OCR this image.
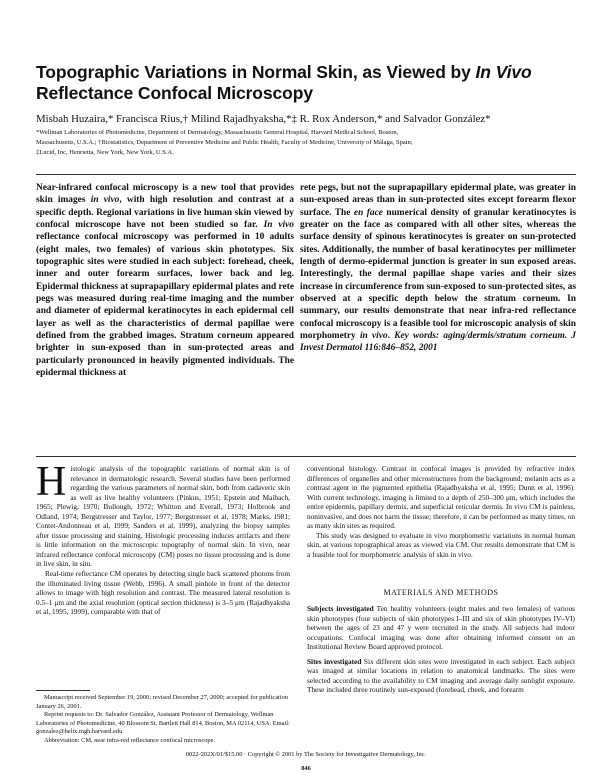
Topographic Variations in Normal Skin, as Viewed by In Vivo Reflectance Confocal Microscopy
Misbah Huzaira,* Francisca Rius,† Milind Rajadhyaksha,*‡ R. Rox Anderson,* and Salvador González*
*Wellman Laboratories of Photomedicine, Department of Dermatology, Massachusetts General Hospital, Harvard Medical School, Boston,
Massachusetts, U.S.A.; †Biostatistics, Department of Preventive Medicine and Public Health, Faculty of Medicine, University of Málaga, Spain;
‡Lucid, Inc, Henrietta, New York, New York, U.S.A.

Near-infrared confocal microscopy is a new tool that provides skin images in vivo, with high resolution and contrast at a specific depth. Regional variations in live human skin viewed by confocal microscope have not been studied so far. In vivo reflectance confocal microscopy was performed in 10 adults (eight males, two females) of various skin phototypes. Six topographic sites were studied in each subject: forehead, cheek, inner and outer forearm surfaces, lower back and leg. Epidermal thickness at suprapapillary epidermal plates and rete pegs was measured during real-time imaging and the number and diameter of epidermal keratinocytes in each epidermal cell layer as well as the characteristics of dermal papillae were defined from the grabbed images. Stratum corneum appeared brighter in sun-exposed than in sun-protected areas and particularly pronounced in heavily pigmented individuals. The epidermal thickness at

rete pegs, but not the suprapapillary epidermal plate, was greater in sun-exposed areas than in sun-protected sites except forearm flexor surface. The en face numerical density of granular keratinocytes is greater on the face as compared with all other sites, whereas the surface density of spinous keratinocytes is greater on sun-protected sites. Additionally, the number of basal keratinocytes per millimeter length of dermo-epidermal junction is greater in sun exposed areas. Interestingly, the dermal papillae shape varies and their sizes increase in circumference from sun-exposed to sun-protected sites, as observed at a specific depth below the stratum corneum. In summary, our results demonstrate that near infra-red reflectance confocal microscopy is a feasible tool for microscopic analysis of skin morphometry in vivo. Key words: aging/dermis/stratum corneum. J Invest Dermatol 116:846–852, 2001

Histologic analysis of the topographic variations of normal skin is of relevance in dermatologic research. Several studies have been performed regarding the various parameters of normal skin, both from cadaveric skin as well as live healthy volunteers (Pinkus, 1951; Epstein and Maibach, 1965; Plewig, 1970; Bullough, 1972; Whitton and Everall, 1973; Holbrook and Odland, 1974; Bergstresser and Taylor, 1977; Bergstresser et al, 1978; Marks, 1981; Contet-Andonneau et al, 1999; Sanders et al, 1999), analyzing the biopsy samples after tissue processing and staining. Histologic processing induces artifacts and there is little information on the microscopic topography of normal skin. In vivo, near infrared reflectance confocal microscopy (CM) poses no tissue processing and is done in live skin, in situ.

Real-time reflectance CM operates by detecting single back scattered photons from the illuminated living tissue (Webb, 1996). A small pinhole in front of the detector allows to image with high resolution and contrast. The measured lateral resolution is 0.5–1 μm and the axial resolution (optical section thickness) is 3–5 μm (Rajadhyaksha et al, 1995, 1999), comparable with that of

conventional histology. Contrast in confocal images is provided by refractive index differences of organelles and other microstructures from the background; melanin acts as a contrast agent in the pigmented epithelia (Rajadhyaksha et al, 1995; Dunn et al, 1996). With current technology, imaging is limited to a depth of 250–300 μm, which includes the entire epidermis, papillary dermis, and superficial reticular dermis. In vivo CM is painless, noninvasive, and does not harm the tissue; therefore, it can be performed as many times, on as many skin sites as required.

This study was designed to evaluate in vivo morphometric variations in normal human skin, at various topographical areas as viewed via CM. Our results demonstrate that CM is a feasible tool for morphometric analysis of skin in vivo.

MATERIALS AND METHODS

Subjects investigated Ten healthy volunteers (eight males and two females) of various skin phototypes (four subjects of skin phototypes I–III and six of skin phototypes IV–VI) between the ages of 23 and 47 y were recruited in the study. All subjects had indoor occupations. Confocal imaging was done after obtaining informed consent on an Institutional Review Board approved protocol.

Sites investigated Six different skin sites were investigated in each subject. Each subject was imaged at similar locations in relation to anatomical landmarks. The sites were selected according to the availability to CM imaging and average daily sunlight exposure. These included three routinely sun-exposed (forehead, cheek, and forearm

Manuscript received September 19, 2000; revised December 27, 2000; accepted for publication January 26, 2001.

Reprint requests to: Dr. Salvador González, Assistant Professor of Dermatology, Wellman Laboratories of Photomedicine, 40 Blossom St. Bartlett Hall 814, Boston, MA 02114, USA. Email: gonzalez@helix.mgh.harvard.edu

Abbreviation: CM, near infra-red reflectance confocal microscope.

0022-202X/01/$15.00 · Copyright © 2001 by The Society for Investigative Dermatology, Inc.
846
